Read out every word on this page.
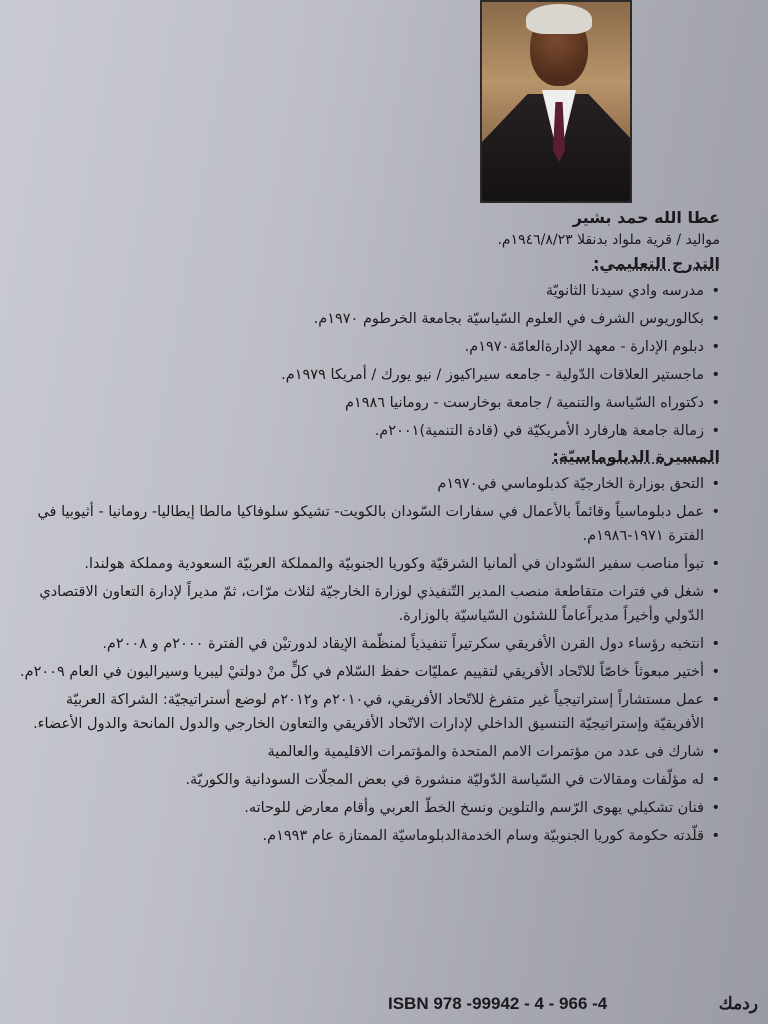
عطا الله حمد بشير
مواليد / قرية ملواد بدنقلا ١٩٤٦/٨/٢٣م.
التدرج التعليمي:
• مدرسه وادي سيدنا الثانويّة
• بكالوريوس الشرف في العلوم السّياسيّة بجامعة الخرطوم ١٩٧٠م.
• دبلوم الإدارة - معهد الإدارةالعامّة١٩٧٠م.
• ماجستير العلاقات الدّولية - جامعه سيراكيوز / نيو يورك / أمريكا ١٩٧٩م.
• دكتوراه السّياسة والتنمية / جامعة بوخارست - رومانيا ١٩٨٦م
• زمالة جامعة هارفارد الأمريكيّة في (قادة التنمية)٢٠٠١م.
المسيرة الدبلوماسيّة:
• التحق بوزارة الخارجيّة كدبلوماسي في١٩٧٠م
• عمل دبلوماسياً وقائماً بالأعمال في سفارات السّودان بالكويت- تشيكو سلوفاكيا مالطا إيطاليا- رومانيا - أثيوبيا في الفترة ١٩٧١-١٩٨٦م.
• تبوأ مناصب سفير السّودان في ألمانيا الشرقيّة وكوريا الجنوبيّة والمملكة العربيّة السعودية ومملكة هولندا.
• شغل في فترات متقاطعة منصب المدير التّنفيذي لوزارة الخارجيّة لثلاث مرّات، ثمّ مديراً لإدارة التعاون الاقتصادي الدّولي وأخيراً مديراًعاماً للشئون السّياسيّة بالوزارة.
• انتخبه رؤساء دول القرن الأفريقي سكرتيراً تنفيذياً لمنظّمة الإيقاد لدورتيْن في الفترة ٢٠٠٠م و ٢٠٠٨م.
• أختير مبعوثاً خاصّاً للاتّحاد الأفريقي لتقييم عمليّات حفظ السّلام في كلٍّ منْ دولتيْ ليبريا وسيراليون في العام ٢٠٠٩م.
• عمل مستشاراً إستراتيجياً غير متفرغ للاتّحاد الأفريقي، في٢٠١٠م و٢٠١٢م لوضع أستراتيجيّة: الشراكة العربيّة الأفريقيّة وإستراتيجيّة التنسيق الداخلي لإدارات الاتّحاد الأفريقي والتعاون الخارجي والدول المانحة والدول الأعضاء.
• شارك فى عدد من مؤتمرات الامم المتحدة والمؤتمرات الاقليمية والعالمية
• له مؤلّفات ومقالات في السّياسة الدّوليّة منشورة في بعض المجلّات السودانية والكوريّة.
• فنان تشكيلي يهوى الرّسم والتلوين ونسخ الخطّ العربي وأقام معارض للوحاته.
• قلّدته حكومة كوريا الجنوبيّة وسام الخدمةالدبلوماسيّة الممتازة عام ١٩٩٣م.
ISBN 978 -99942 - 4 - 966 -4	ردمك
